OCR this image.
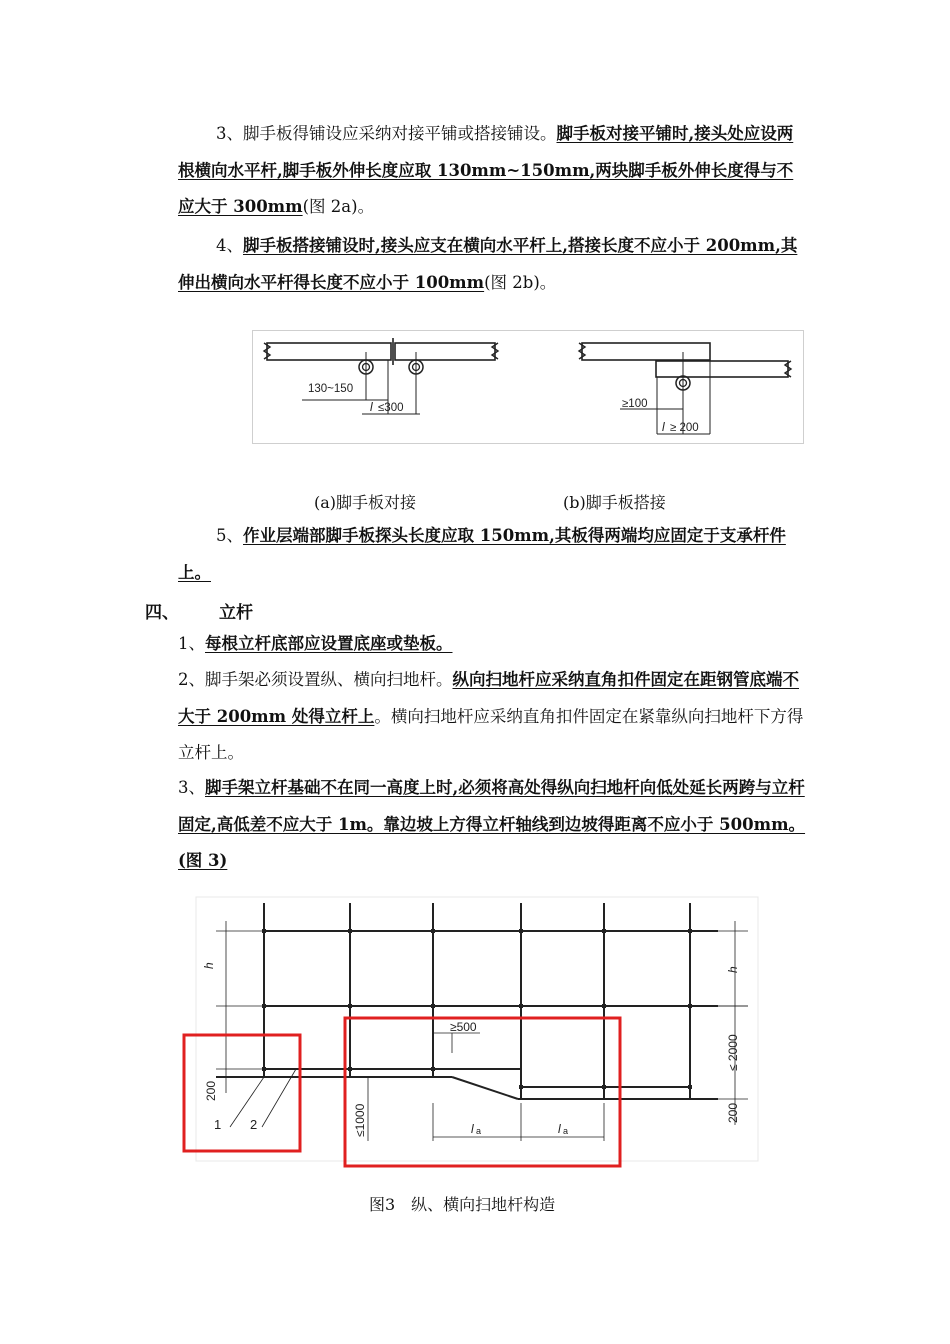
3、脚手板得铺设应采纳对接平铺或搭接铺设。脚手板对接平铺时,接头处应设两根横向水平杆,脚手板外伸长度应取 130mm~150mm,两块脚手板外伸长度得与不应大于 300mm(图 2a)。
4、脚手板搭接铺设时,接头应支在横向水平杆上,搭接长度不应小于 200mm,其伸出横向水平杆得长度不应小于 100mm(图 2b)。
130~150
l ≤300	≥100
l ≥ 200
(a)脚手板对接	(b)脚手板搭接
5、作业层端部脚手板探头长度应取 150mm,其板得两端均应固定于支承杆件上。
四、 立杆
1、每根立杆底部应设置底座或垫板。
2、脚手架必须设置纵、横向扫地杆。纵向扫地杆应采纳直角扣件固定在距钢管底端不大于 200mm 处得立杆上。横向扫地杆应采纳直角扣件固定在紧靠纵向扫地杆下方得立杆上。
3、脚手架立杆基础不在同一高度上时,必须将高处得纵向扫地杆向低处延长两跨与立杆固定,高低差不应大于 1m。靠边坡上方得立杆轴线到边坡得距离不应小于 500mm。(图 3)
h
h
≥500
≤ 2000
200
200
≤1000	l a	l a
1 2
图3　纵、横向扫地杆构造
